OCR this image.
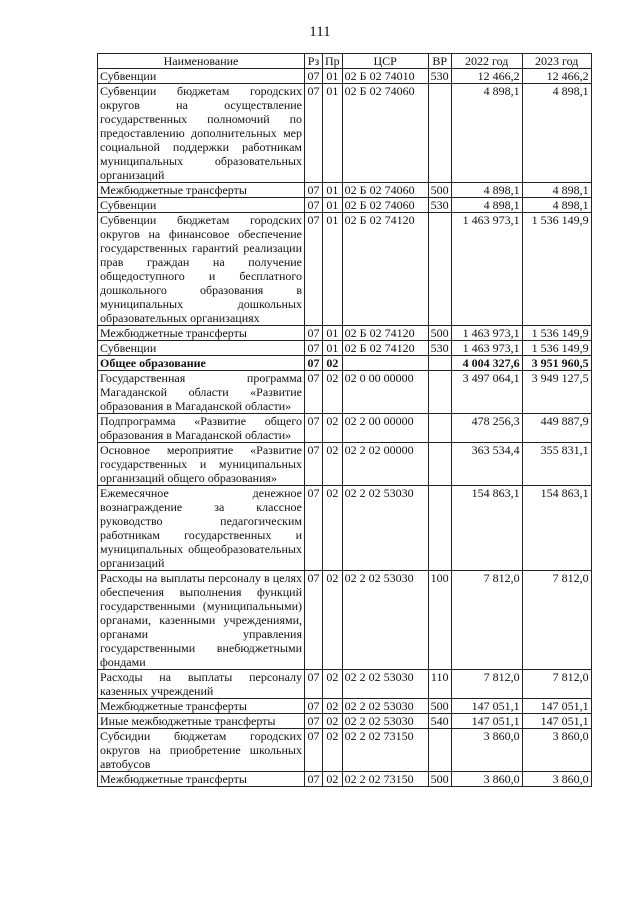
111
Наименование	Рз	Пр	ЦСР	ВР	2022 год	2023 год
Субвенции	07	01	02 Б 02 74010	530	12 466,2	12 466,2
Субвенции бюджетам городских округов на осуществление государственных полномочий по предоставлению дополнительных мер социальной поддержки работникам муниципальных образовательных организаций	07	01	02 Б 02 74060		4 898,1	4 898,1
Межбюджетные трансферты	07	01	02 Б 02 74060	500	4 898,1	4 898,1
Субвенции	07	01	02 Б 02 74060	530	4 898,1	4 898,1
Субвенции бюджетам городских округов на финансовое обеспечение государственных гарантий реализации прав граждан на получение общедоступного и бесплатного дошкольного образования в муниципальных дошкольных образовательных организациях	07	01	02 Б 02 74120		1 463 973,1	1 536 149,9
Межбюджетные трансферты	07	01	02 Б 02 74120	500	1 463 973,1	1 536 149,9
Субвенции	07	01	02 Б 02 74120	530	1 463 973,1	1 536 149,9
Общее образование	07	02			4 004 327,6	3 951 960,5
Государственная программа Магаданской области «Развитие образования в Магаданской области»	07	02	02 0 00 00000		3 497 064,1	3 949 127,5
Подпрограмма «Развитие общего образования в Магаданской области»	07	02	02 2 00 00000		478 256,3	449 887,9
Основное мероприятие «Развитие государственных и муниципальных организаций общего образования»	07	02	02 2 02 00000		363 534,4	355 831,1
Ежемесячное денежное вознаграждение за классное руководство педагогическим работникам государственных и муниципальных общеобразовательных организаций	07	02	02 2 02 53030		154 863,1	154 863,1
Расходы на выплаты персоналу в целях обеспечения выполнения функций государственными (муниципальными) органами, казенными учреждениями, органами управления государственными внебюджетными фондами	07	02	02 2 02 53030	100	7 812,0	7 812,0
Расходы на выплаты персоналу казенных учреждений	07	02	02 2 02 53030	110	7 812,0	7 812,0
Межбюджетные трансферты	07	02	02 2 02 53030	500	147 051,1	147 051,1
Иные межбюджетные трансферты	07	02	02 2 02 53030	540	147 051,1	147 051,1
Субсидии бюджетам городских округов на приобретение школьных автобусов	07	02	02 2 02 73150		3 860,0	3 860,0
Межбюджетные трансферты	07	02	02 2 02 73150	500	3 860,0	3 860,0
